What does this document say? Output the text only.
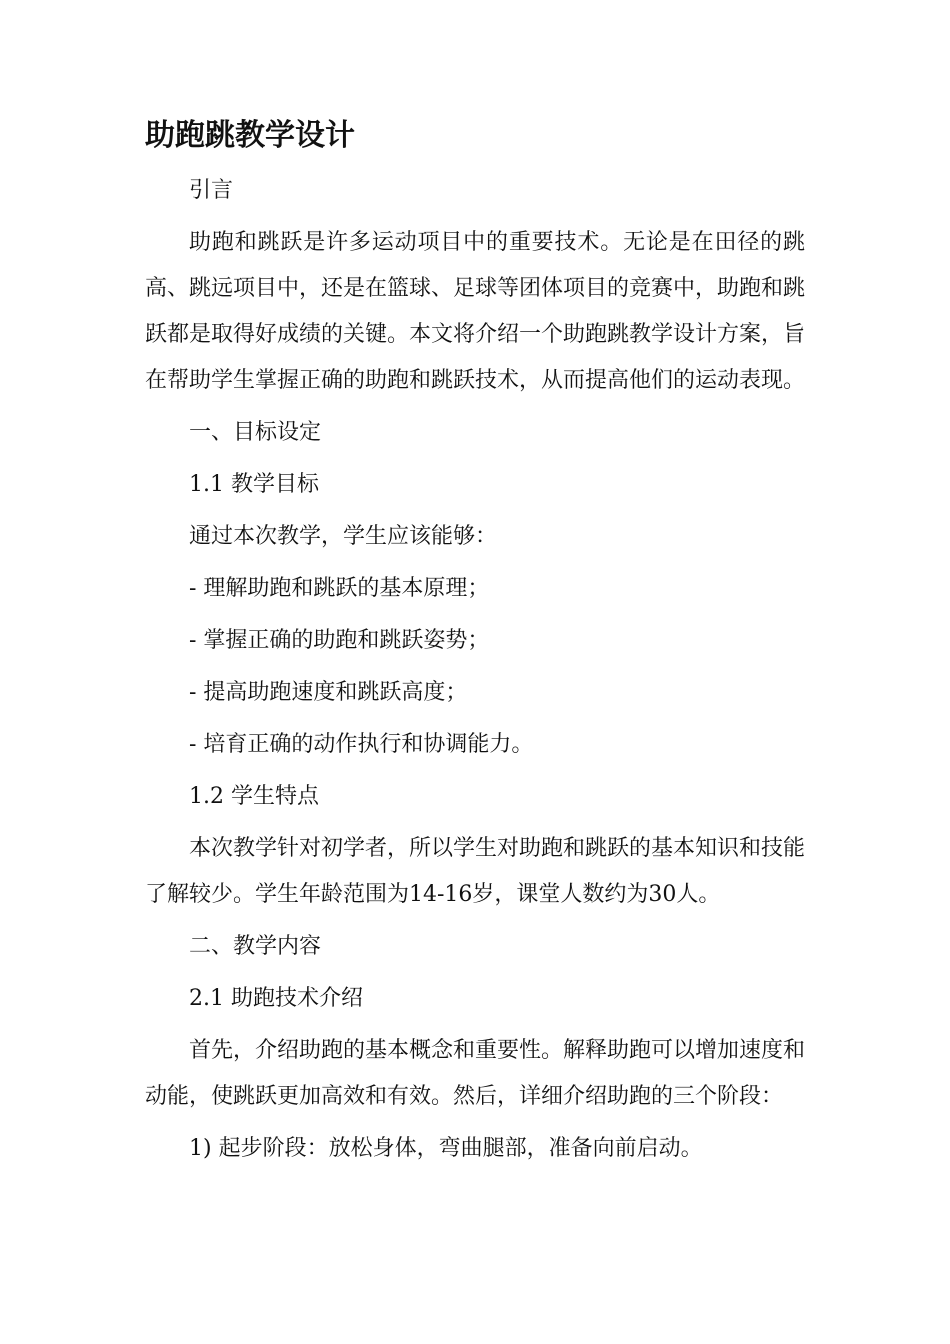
助跑跳教学设计
引言

助跑和跳跃是许多运动项目中的重要技术。无论是在田径的跳高、跳远项目中，还是在篮球、足球等团体项目的竞赛中，助跑和跳跃都是取得好成绩的关键。本文将介绍一个助跑跳教学设计方案，旨在帮助学生掌握正确的助跑和跳跃技术，从而提高他们的运动表现。

一、目标设定
1.1 教学目标
通过本次教学，学生应该能够：
- 理解助跑和跳跃的基本原理；
- 掌握正确的助跑和跳跃姿势；
- 提高助跑速度和跳跃高度；
- 培育正确的动作执行和协调能力。
1.2 学生特点

本次教学针对初学者，所以学生对助跑和跳跃的基本知识和技能了解较少。学生年龄范围为14-16岁，课堂人数约为30人。

二、教学内容
2.1 助跑技术介绍

首先，介绍助跑的基本概念和重要性。解释助跑可以增加速度和动能，使跳跃更加高效和有效。然后，详细介绍助跑的三个阶段：

1) 起步阶段：放松身体，弯曲腿部，准备向前启动。
